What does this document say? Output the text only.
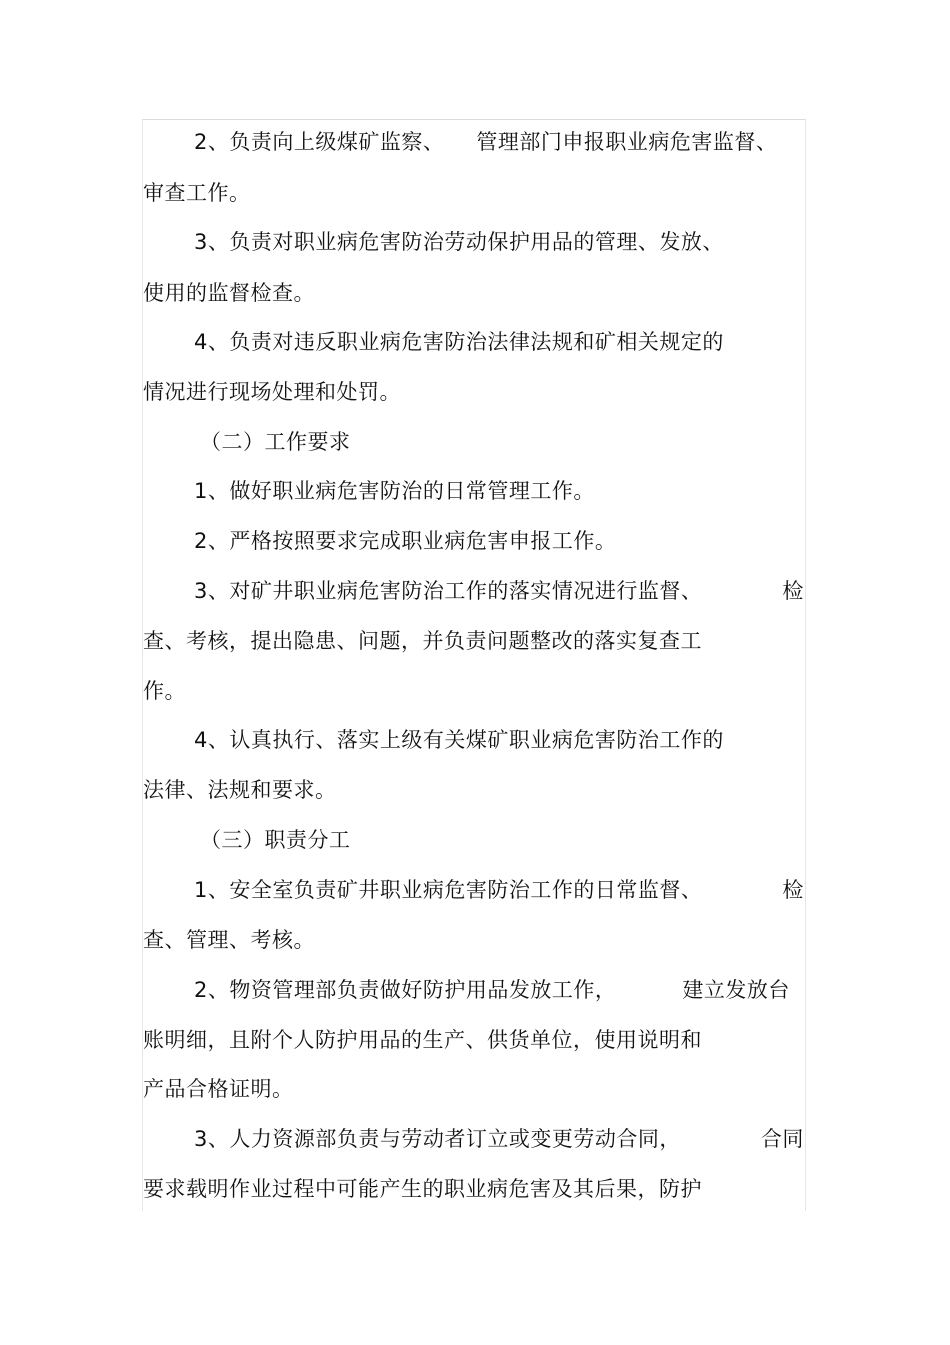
2、负责向上级煤矿监察、 管理部门申报职业病危害监督、
审查工作。
3、负责对职业病危害防治劳动保护用品的管理、发放、
使用的监督检查。
4、负责对违反职业病危害防治法律法规和矿相关规定的
情况进行现场处理和处罚。
（二）工作要求
1、做好职业病危害防治的日常管理工作。
2、严格按照要求完成职业病危害申报工作。
3、对矿井职业病危害防治工作的落实情况进行监督、	检
查、考核，提出隐患、问题，并负责问题整改的落实复查工
作。
4、认真执行、落实上级有关煤矿职业病危害防治工作的
法律、法规和要求。
（三）职责分工
1、安全室负责矿井职业病危害防治工作的日常监督、	检
查、管理、考核。
2、物资管理部负责做好防护用品发放工作，	建立发放台
账明细，且附个人防护用品的生产、供货单位，使用说明和
产品合格证明。
3、人力资源部负责与劳动者订立或变更劳动合同，	合同
要求载明作业过程中可能产生的职业病危害及其后果，防护
